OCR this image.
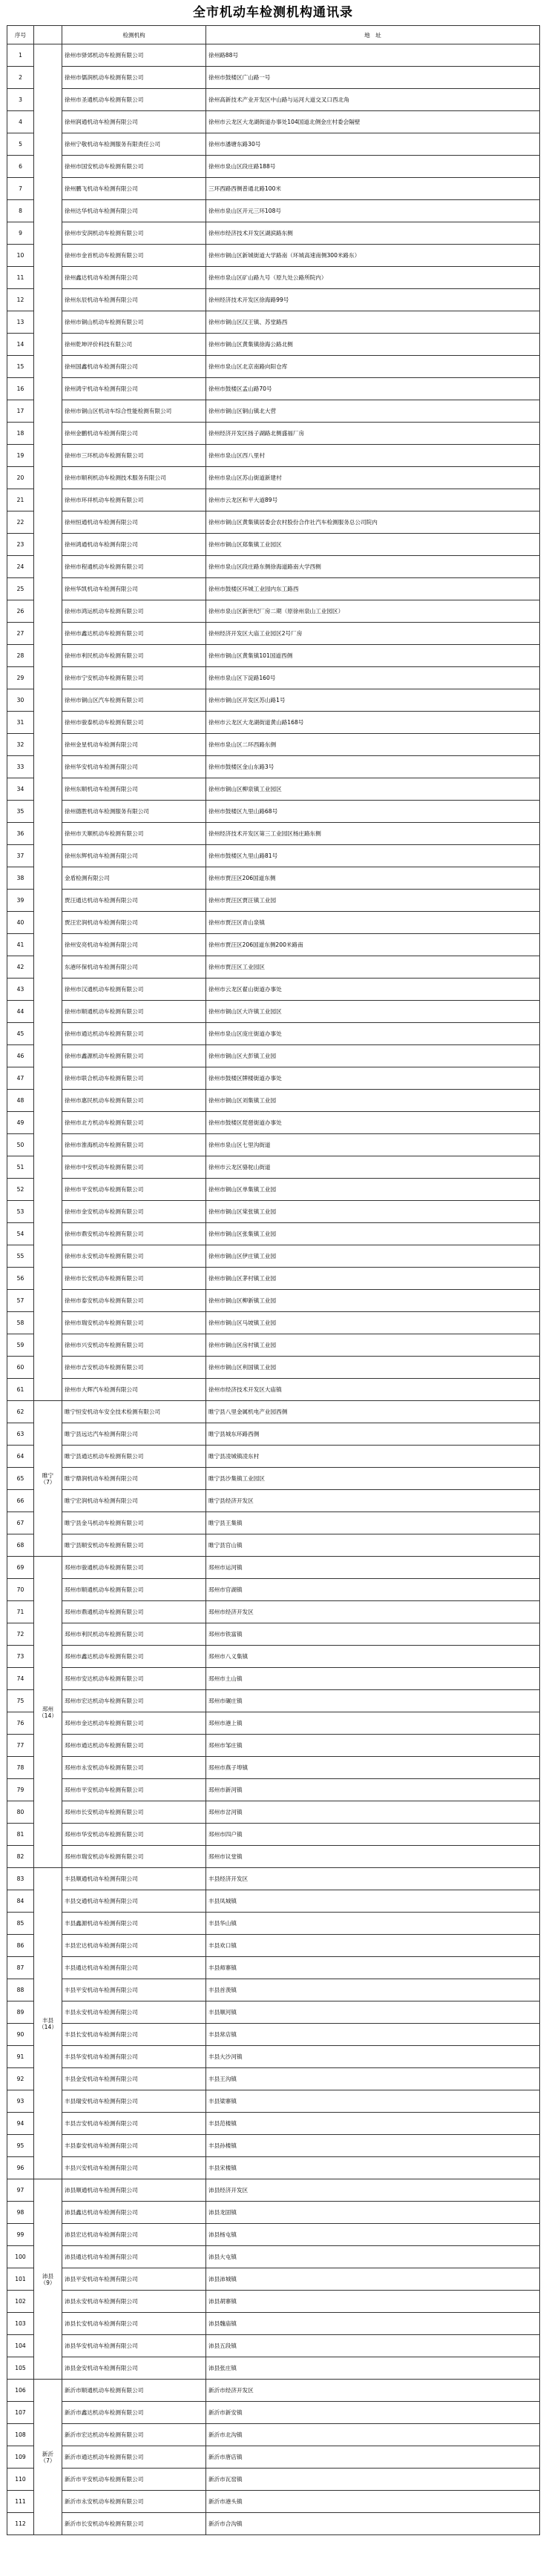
全市机动车检测机构通讯录
序号		检测机构	地　址
1		徐州市驿郊机动车检测有限公司	徐州路88号
2		徐州市儒润机动车检测有限公司	徐州市鼓楼区广山路一号
3		徐州市圣通机动车检测有限公司	徐州高新技术产业开发区中山路与运河大道交叉口西北角
4		徐州润通机动车检测有限公司	徐州市云龙区大龙湖街道办事处104国道北侧金庄村委会隔壁
5		徐州宁敬机动车检测服务有限责任公司	徐州市潘塘东路30号
6		徐州市国安机动车检测有限公司	徐州市泉山区段庄路188号
7		徐州鹏飞机动车检测有限公司	三环西路西侧普通北路100米
8		徐州达华机动车检测有限公司	徐州市泉山区开元三环108号
9		徐州市安润机动车检测有限公司	徐州市经济技术开发区湖滨路东侧
10		徐州市金首机动车检测有限公司	徐州市铜山区新城街道大学路南（环城高速南侧300米路东）
11		徐州鑫达机动车检测有限公司	徐州市泉山区矿山路九号（原九处公路所院内）
12		徐州东辰机动车检测有限公司	徐州经济技术开发区徐海路99号
13		徐州市铜山机动车检测有限公司	徐州市铜山区汉王镇、苏堂路西
14		徐州乾坤评价科技有限公司	徐州市铜山区黄集镇徐海公路北侧
15		徐州国鑫机动车检测有限公司	徐州市泉山区北京南路向阳仓库
16		徐州鸿宇机动车检测有限公司	徐州市鼓楼区孟山路70号
17		徐州市铜山区机动车综合性能检测有限公司	徐州市铜山区铜山镇北大营
18		徐州金鹏机动车检测有限公司	徐州经济开发区扬子湖路北侧盛福厂房
19		徐州市三环机动车检测有限公司	徐州市泉山区西八里村
20		徐州市顺利机动车检测技术服务有限公司	徐州市泉山区苏山街道新建村
21		徐州市环祥机动车检测有限公司	徐州市云龙区和平大道89号
22		徐州恒通机动车检测有限公司	徐州市铜山区黄集镇居委会农村股份合作社汽车检测服务总公司院内
23		徐州鸿通机动车检测有限公司	徐州市铜山区郑集镇工业园区
24		徐州市程通机动车检测有限公司	徐州市泉山区段庄路东侧徐海道路南大学西侧
25		徐州华凯机动车检测有限公司	徐州市鼓楼区环城工业园内东工路西
26		徐州市鸿运机动车检测有限公司	徐州市泉山区新世纪厂房二期（原徐州泉山工业园区）
27		徐州市鑫达机动车检测有限公司	徐州经济开发区大庙工业园区2号厂房
28		徐州市利民机动车检测有限公司	徐州市铜山区黄集镇101国道西侧
29		徐州市宁安机动车检测有限公司	徐州市泉山区下淀路160号
30		徐州市铜山区汽车检测有限公司	徐州市铜山区开发区苏山路1号
31		徐州市骏泰机动车检测有限公司	徐州市云龙区大龙湖街道黄山路168号
32		徐州金星机动车检测有限公司	徐州市泉山区二环西路东侧
33		徐州华安机动车检测有限公司	徐州市鼓楼区金山东路3号
34		徐州东顺机动车检测有限公司	徐州市铜山区柳泉镇工业园区
35		徐州德胜机动车检测服务有限公司	徐州市鼓楼区九里山路68号
36		徐州市天顺机动车检测有限公司	徐州经济技术开发区第三工业园区杨庄路东侧
37		徐州东辉机动车检测有限公司	徐州市鼓楼区九里山路81号
38		金盾检测有限公司	徐州市贾汪区206国道东侧
39		贾汪通达机动车检测有限公司	徐州市贾汪区贾汪镇工业园
40		贾汪宏润机动车检测有限公司	徐州市贾汪区青山泉镇
41		徐州安亮机动车检测有限公司	徐州市贾汪区206国道东侧200米路南
42		东港环保机动车检测有限公司	徐州市贾汪区工业园区
43		徐州市汉通机动车检测有限公司	徐州市云龙区翟山街道办事处
44		徐州市顺通机动车检测有限公司	徐州市铜山区大许镇工业园区
45		徐州市通达机动车检测有限公司	徐州市泉山区庞庄街道办事处
46		徐州市鑫源机动车检测有限公司	徐州市铜山区大彭镇工业园
47		徐州市联合机动车检测有限公司	徐州市鼓楼区牌楼街道办事处
48		徐州市惠民机动车检测有限公司	徐州市铜山区刘集镇工业园
49		徐州市北方机动车检测有限公司	徐州市鼓楼区琵琶街道办事处
50		徐州市淮海机动车检测有限公司	徐州市泉山区七里沟街道
51		徐州市中安机动车检测有限公司	徐州市云龙区骆驼山街道
52		徐州市平安机动车检测有限公司	徐州市铜山区单集镇工业园
53		徐州市金安机动车检测有限公司	徐州市铜山区棠张镇工业园
54		徐州市鼎安机动车检测有限公司	徐州市铜山区张集镇工业园
55		徐州市永安机动车检测有限公司	徐州市铜山区伊庄镇工业园
56		徐州市长安机动车检测有限公司	徐州市铜山区茅村镇工业园
57		徐州市泰安机动车检测有限公司	徐州市铜山区柳新镇工业园
58		徐州市瑞安机动车检测有限公司	徐州市铜山区马坡镇工业园
59		徐州市兴安机动车检测有限公司	徐州市铜山区房村镇工业园
60		徐州市吉安机动车检测有限公司	徐州市铜山区利国镇工业园
61		徐州市大辉汽车检测有限公司	徐州市经济技术开发区大庙镇
62	睢宁（7）	睢宁恒安机动车安全技术检测有限公司	睢宁县八里金属机电产业园西侧
63		睢宁县远达汽车检测有限公司	睢宁县城东环路西侧
64		睢宁县通达机动车检测有限公司	睢宁县凌城镇凌东村
65		睢宁鼎润机动车检测有限公司	睢宁县沙集镇工业园区
66		睢宁宏润机动车检测有限公司	睢宁县经济开发区
67		睢宁县金马机动车检测有限公司	睢宁县王集镇
68		睢宁县顺安机动车检测有限公司	睢宁县官山镇
69	邳州（14）	邳州市骏通机动车检测有限公司	邳州市运河镇
70		邳州市顺通机动车检测有限公司	邳州市官湖镇
71		邳州市鼎通机动车检测有限公司	邳州市经济开发区
72		邳州市利民机动车检测有限公司	邳州市铁富镇
73		邳州市鑫达机动车检测有限公司	邳州市八义集镇
74		邳州市安达机动车检测有限公司	邳州市土山镇
75		邳州市宏达机动车检测有限公司	邳州市碾庄镇
76		邳州市金达机动车检测有限公司	邳州市港上镇
77		邳州市通达机动车检测有限公司	邳州市邹庄镇
78		邳州市永安机动车检测有限公司	邳州市燕子埠镇
79		邳州市平安机动车检测有限公司	邳州市新河镇
80		邳州市长安机动车检测有限公司	邳州市岔河镇
81		邳州市华安机动车检测有限公司	邳州市四户镇
82		邳州市瑞安机动车检测有限公司	邳州市议堂镇
83	丰县（14）	丰县顺通机动车检测有限公司	丰县经济开发区
84		丰县交通机动车检测有限公司	丰县凤城镇
85		丰县鑫源机动车检测有限公司	丰县华山镇
86		丰县宏达机动车检测有限公司	丰县欢口镇
87		丰县通达机动车检测有限公司	丰县师寨镇
88		丰县平安机动车检测有限公司	丰县首羡镇
89		丰县永安机动车检测有限公司	丰县顺河镇
90		丰县长安机动车检测有限公司	丰县常店镇
91		丰县华安机动车检测有限公司	丰县大沙河镇
92		丰县金安机动车检测有限公司	丰县王沟镇
93		丰县瑞安机动车检测有限公司	丰县梁寨镇
94		丰县吉安机动车检测有限公司	丰县范楼镇
95		丰县泰安机动车检测有限公司	丰县孙楼镇
96		丰县兴安机动车检测有限公司	丰县宋楼镇
97	沛县（9）	沛县顺通机动车检测有限公司	沛县经济开发区
98		沛县鑫达机动车检测有限公司	沛县龙固镇
99		沛县宏达机动车检测有限公司	沛县杨屯镇
100		沛县通达机动车检测有限公司	沛县大屯镇
101		沛县平安机动车检测有限公司	沛县沛城镇
102		沛县永安机动车检测有限公司	沛县胡寨镇
103		沛县长安机动车检测有限公司	沛县魏庙镇
104		沛县华安机动车检测有限公司	沛县五段镇
105		沛县金安机动车检测有限公司	沛县张庄镇
106	新沂（7）	新沂市顺通机动车检测有限公司	新沂市经济开发区
107		新沂市鑫达机动车检测有限公司	新沂市新安镇
108		新沂市宏达机动车检测有限公司	新沂市北沟镇
109		新沂市通达机动车检测有限公司	新沂市唐店镇
110		新沂市平安机动车检测有限公司	新沂市瓦窑镇
111		新沂市永安机动车检测有限公司	新沂市港头镇
112		新沂市长安机动车检测有限公司	新沂市合沟镇
